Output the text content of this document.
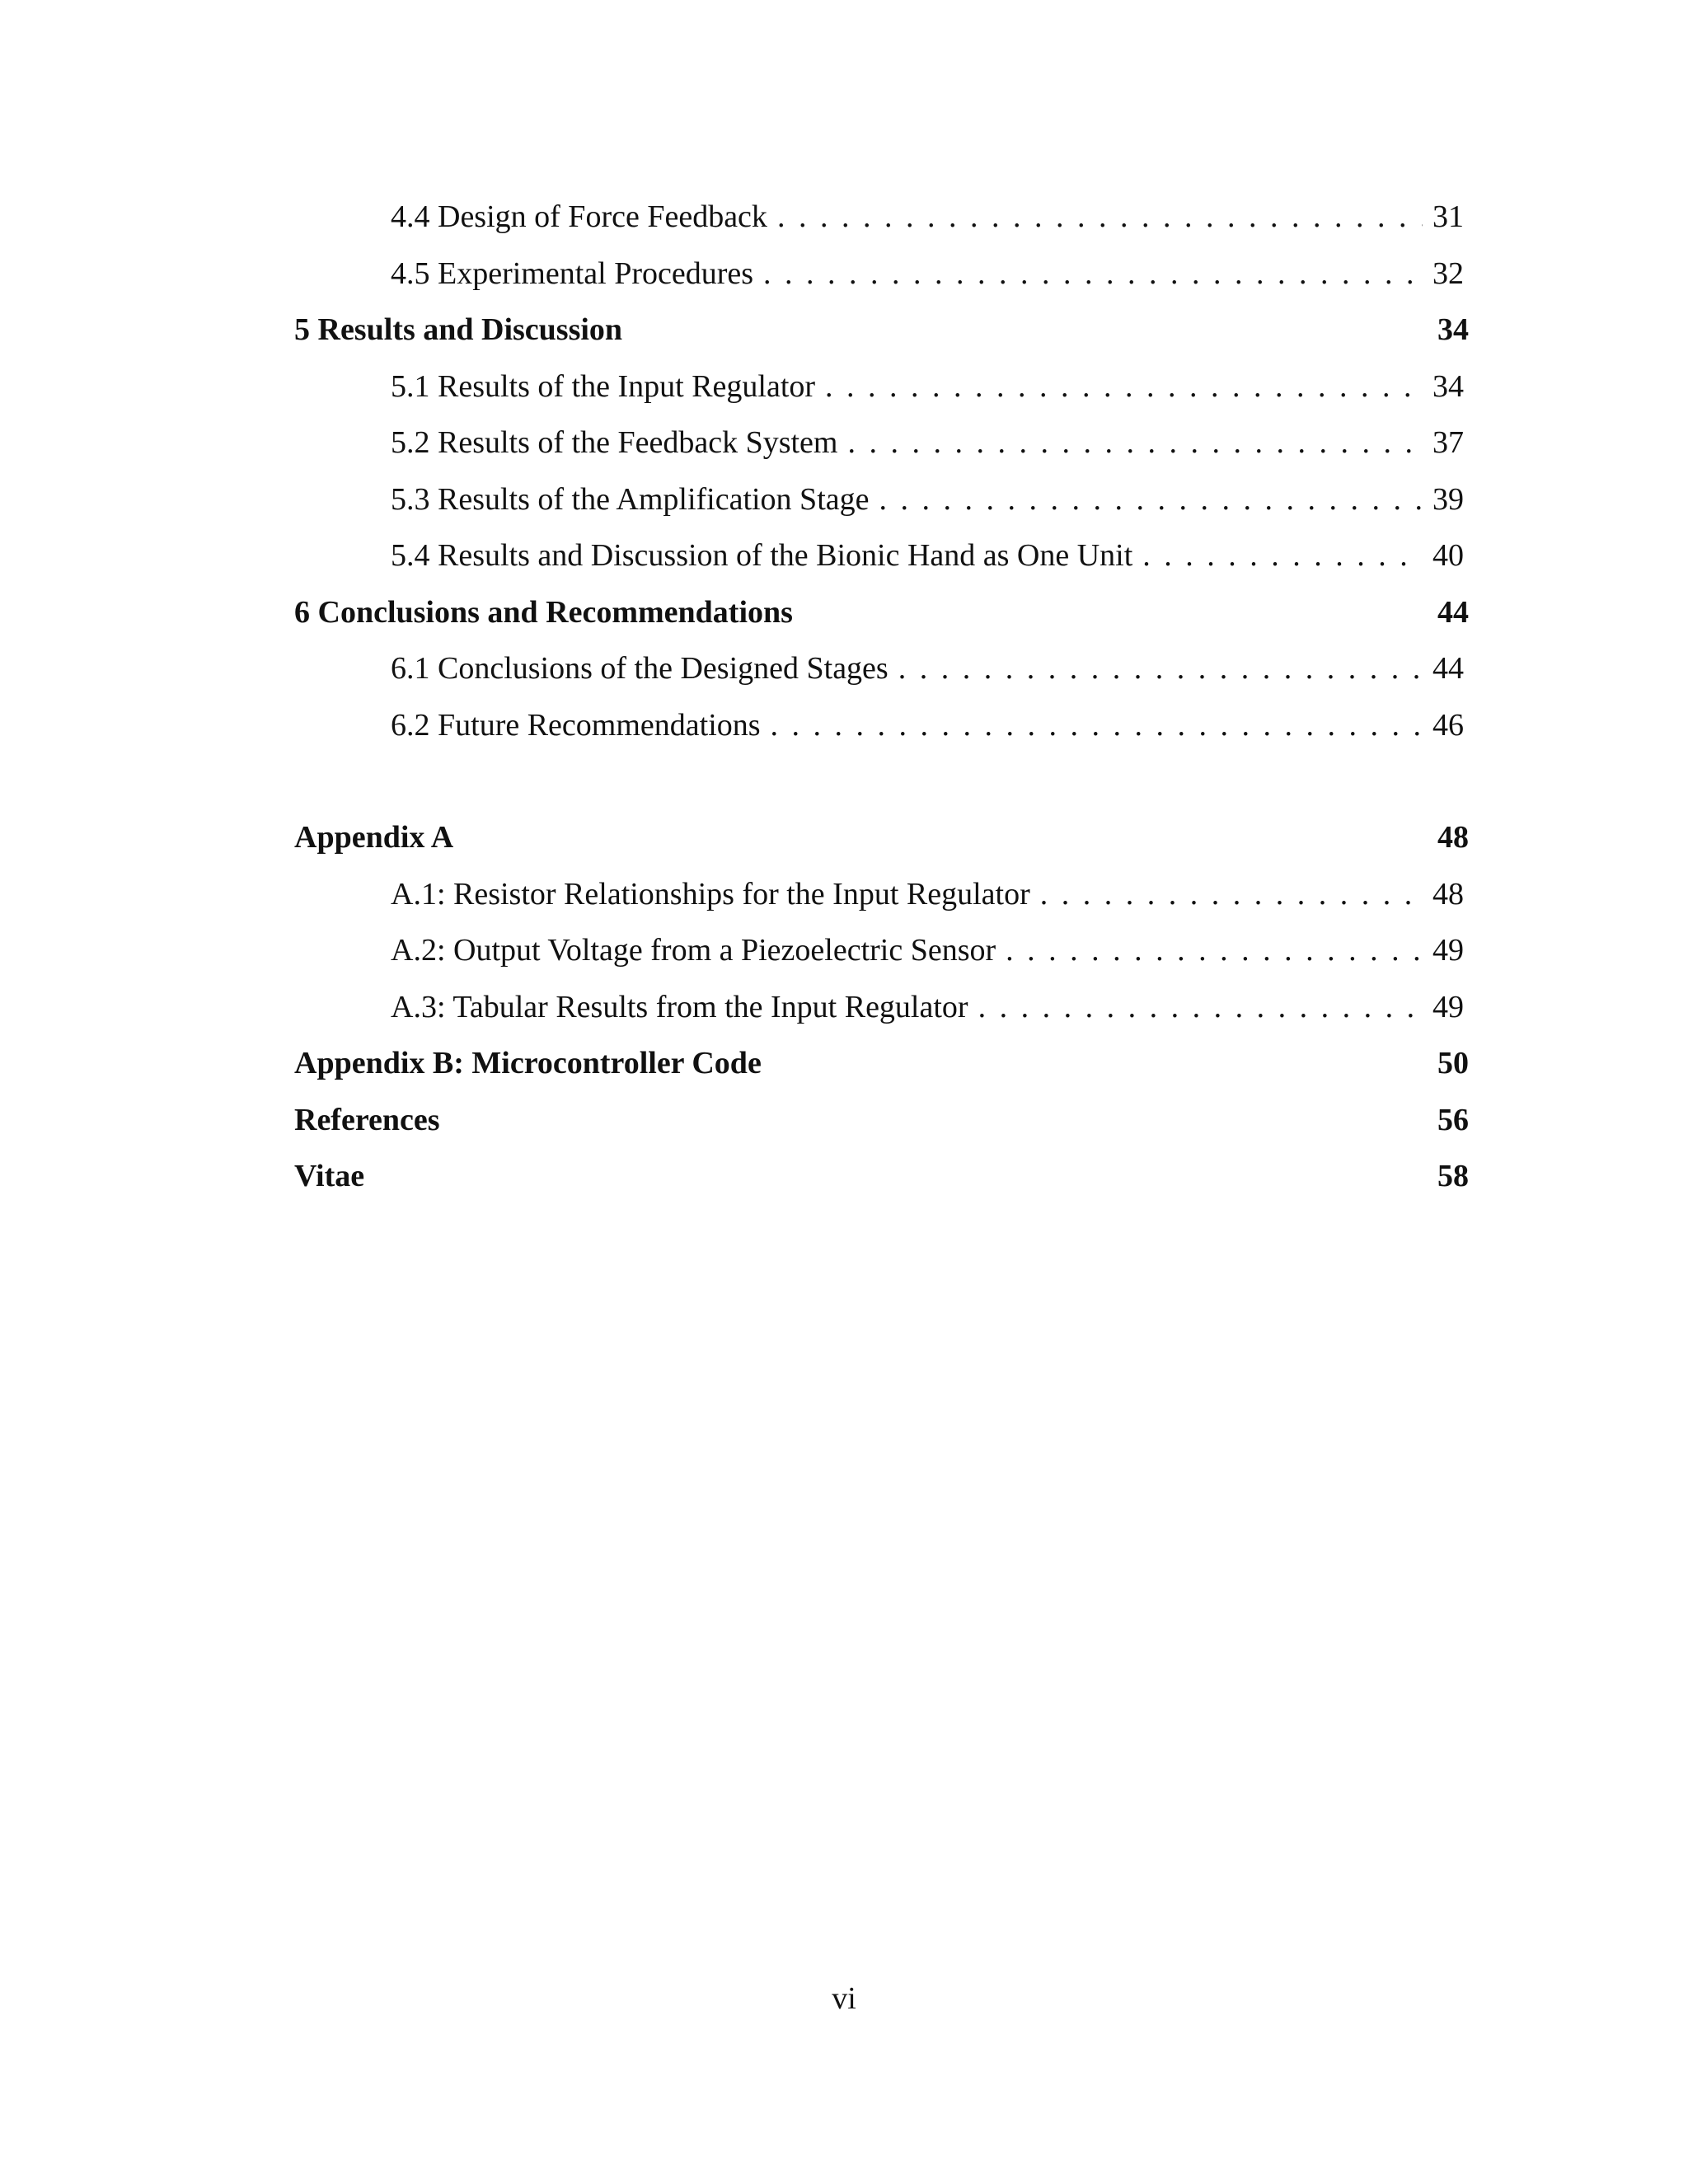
4.4 Design of Force Feedback . . .	31
4.5 Experimental Procedures . . .	32
5 Results and Discussion	34
5.1 Results of the Input Regulator . . .	34
5.2 Results of the Feedback System . . .	37
5.3 Results of the Amplification Stage . . .	39
5.4 Results and Discussion of the Bionic Hand as One Unit . . .	40
6 Conclusions and Recommendations	44
6.1 Conclusions of the Designed Stages . . .	44
6.2 Future Recommendations . . .	46
Appendix A	48
A.1: Resistor Relationships for the Input Regulator . . .	48
A.2: Output Voltage from a Piezoelectric Sensor . . .	49
A.3: Tabular Results from the Input Regulator . . .	49
Appendix B: Microcontroller Code	50
References	56
Vitae	58
vi
